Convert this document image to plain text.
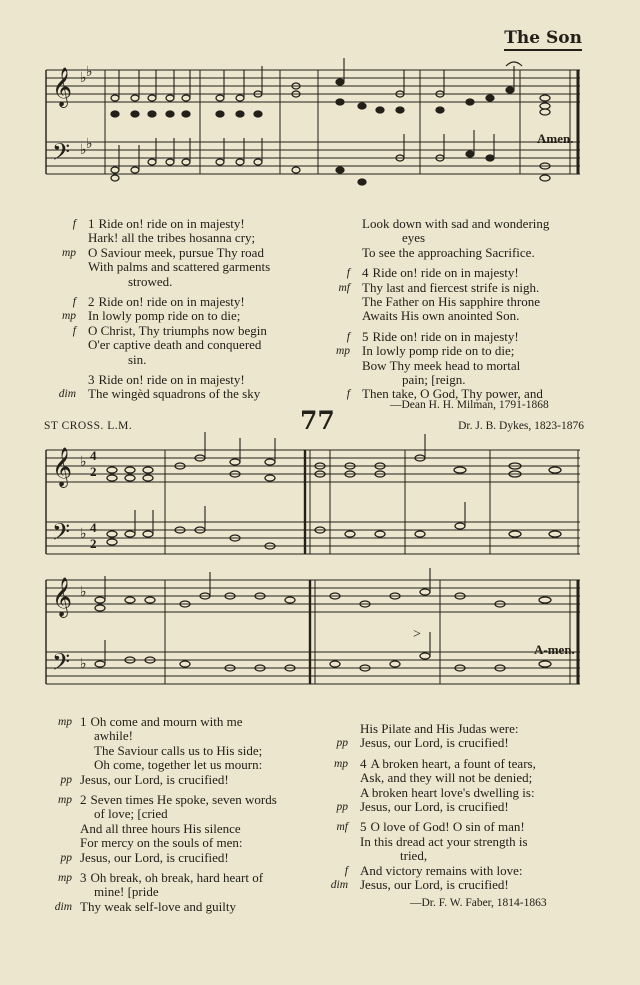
The Son
𝄞
𝄢
♭ ♭
♭ ♭	Amen.
f 1 Ride on! ride on in majesty!
Hark! all the tribes hosanna cry;
mp O Saviour meek, pursue Thy road
With palms and scattered garments
strowed.
f 2 Ride on! ride on in majesty!
mp In lowly pomp ride on to die;
f O Christ, Thy triumphs now begin
O'er captive death and conquered
sin.
3 Ride on! ride on in majesty!
dim The wingèd squadrons of the sky
Look down with sad and wondering
eyes
To see the approaching Sacrifice.
f 4 Ride on! ride on in majesty!
mf Thy last and fiercest strife is nigh.
The Father on His sapphire throne
Awaits His own anointed Son.
f 5 Ride on! ride on in majesty!
mp In lowly pomp ride on to die;
Bow Thy meek head to mortal
pain; [reign.
f Then take, O God, Thy power, and
—Dean H. H. Milman, 1791-1868
ST CROSS. L.M.	77	Dr. J. B. Dykes, 1823-1876
𝄞
𝄢
𝄞
𝄢
♭ 4
2
♭ 4
2
♭
♭
>
A-men.
mp 1 Oh come and mourn with me
awhile!
The Saviour calls us to His side;
Oh come, together let us mourn:
pp Jesus, our Lord, is crucified!
mp 2 Seven times He spoke, seven words
of love; [cried
And all three hours His silence
For mercy on the souls of men:
pp Jesus, our Lord, is crucified!
mp 3 Oh break, oh break, hard heart of
mine! [pride
dim Thy weak self-love and guilty
His Pilate and His Judas were:
pp Jesus, our Lord, is crucified!
mp 4 A broken heart, a fount of tears,
Ask, and they will not be denied;
A broken heart love's dwelling is:
pp Jesus, our Lord, is crucified!
mf 5 O love of God! O sin of man!
In this dread act your strength is
tried,
f And victory remains with love:
dim Jesus, our Lord, is crucified!
—Dr. F. W. Faber, 1814-1863
